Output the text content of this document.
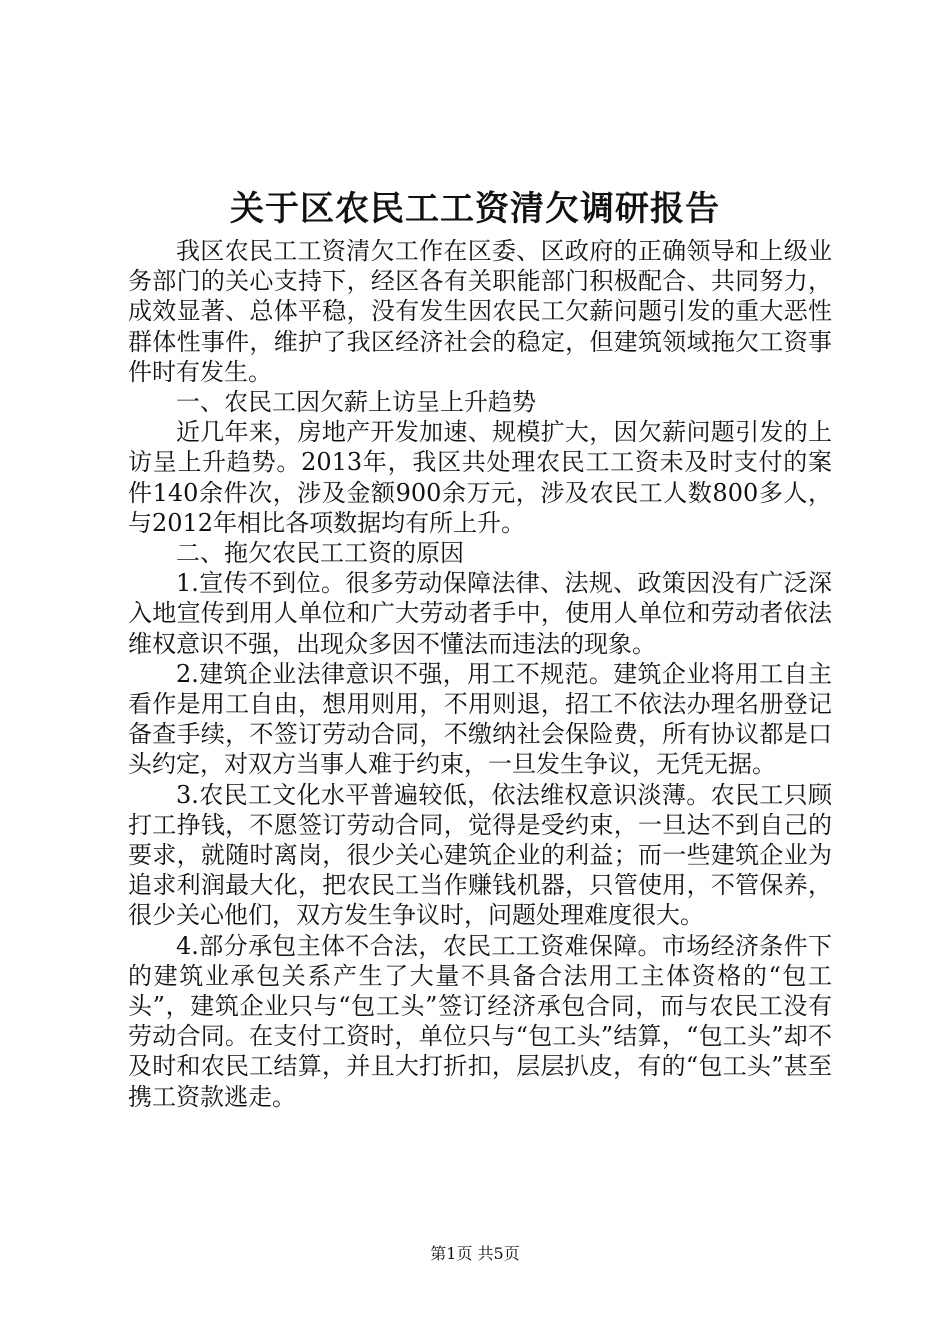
关于区农民工工资清欠调研报告

我区农民工工资清欠工作在区委、区政府的正确领导和上级业务部门的关心支持下，经区各有关职能部门积极配合、共同努力，成效显著、总体平稳，没有发生因农民工欠薪问题引发的重大恶性群体性事件，维护了我区经济社会的稳定，但建筑领域拖欠工资事件时有发生。

一、农民工因欠薪上访呈上升趋势

近几年来，房地产开发加速、规模扩大，因欠薪问题引发的上访呈上升趋势。2013年，我区共处理农民工工资未及时支付的案件140余件次，涉及金额900余万元，涉及农民工人数800多人，与2012年相比各项数据均有所上升。

二、拖欠农民工工资的原因

1.宣传不到位。很多劳动保障法律、法规、政策因没有广泛深入地宣传到用人单位和广大劳动者手中，使用人单位和劳动者依法维权意识不强，出现众多因不懂法而违法的现象。

2.建筑企业法律意识不强，用工不规范。建筑企业将用工自主看作是用工自由，想用则用，不用则退，招工不依法办理名册登记备查手续，不签订劳动合同，不缴纳社会保险费，所有协议都是口头约定，对双方当事人难于约束，一旦发生争议，无凭无据。

3.农民工文化水平普遍较低，依法维权意识淡薄。农民工只顾打工挣钱，不愿签订劳动合同，觉得是受约束，一旦达不到自己的要求，就随时离岗，很少关心建筑企业的利益；而一些建筑企业为追求利润最大化，把农民工当作赚钱机器，只管使用，不管保养，很少关心他们，双方发生争议时，问题处理难度很大。

4.部分承包主体不合法，农民工工资难保障。市场经济条件下的建筑业承包关系产生了大量不具备合法用工主体资格的“包工头”，建筑企业只与“包工头”签订经济承包合同，而与农民工没有劳动合同。在支付工资时，单位只与“包工头”结算，“包工头”却不及时和农民工结算，并且大打折扣，层层扒皮，有的“包工头”甚至携工资款逃走。

第1页 共5页
